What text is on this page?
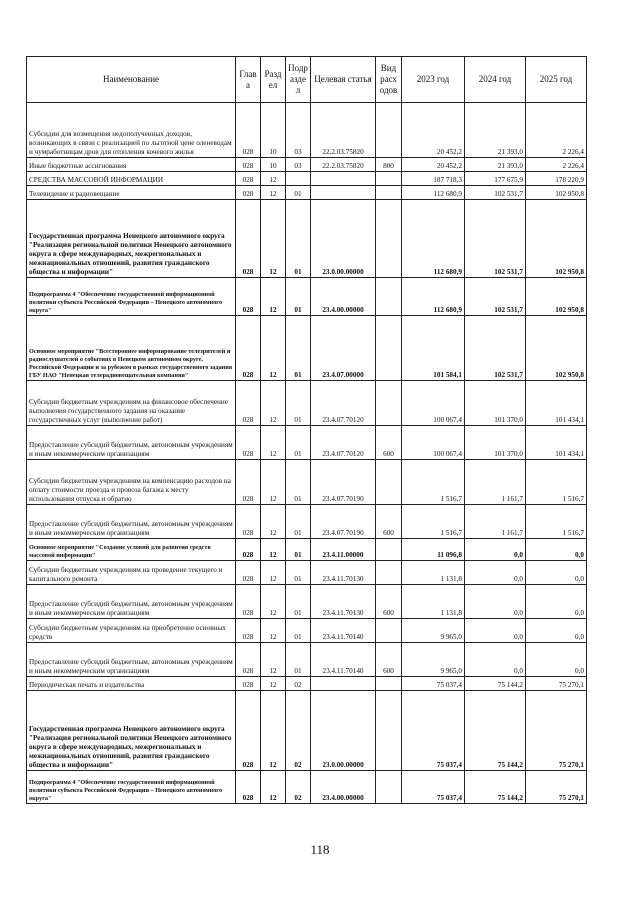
Наименование	Глав а	Разд ел	Подр азде л	Целевая статья	Вид расх одов	2023 год	2024 год	2025 год
Субсидии для возмещения недополученных доходов, возникающих в связи с реализацией по льготной цене оленеводам и чумработницам дров для отопления кочевого жилья	028	10	03	22.2.03.75820		20 452,2	21 393,0	2 226,4
Иные бюджетные ассигнования	028	10	03	22.2.03.75820	800	20 452,2	21 393,0	2 226,4
СРЕДСТВА МАССОВОЙ ИНФОРМАЦИИ	028	12				187 718,3	177 675,9	178 220,9
Телевидение и радиовещание	028	12	01			112 680,9	102 531,7	102 950,8
Государственная программа Ненецкого автономного округа "Реализация региональной политики Ненецкого автономного округа в сфере международных, межрегиональных и межнациональных отношений, развития гражданского общества и информации"	028	12	01	23.0.00.00000		112 680,9	102 531,7	102 950,8
Подпрограмма 4 "Обеспечение государственной информационной политики субъекта Российской Федерации – Ненецкого автономного округа"	028	12	01	23.4.00.00000		112 680,9	102 531,7	102 950,8
Основное мероприятие "Всестороннее информирование телезрителей и радиослушателей о событиях в Ненецком автономном округе, Российской Федерации и за рубежом в рамках государственного задания ГБУ НАО "Ненецкая телерадиовещательная компания"	028	12	01	23.4.07.00000		101 584,1	102 531,7	102 950,8
Субсидии бюджетным учреждениям на финансовое обеспечение выполнения государственного задания на оказание государственных услуг (выполнение работ)	028	12	01	23.4.07.70120		100 067,4	101 370,0	101 434,1
Предоставление субсидий бюджетным, автономным учреждениям и иным некоммерческим организациям	028	12	01	23.4.07.70120	600	100 067,4	101 370,0	101 434,1
Субсидии бюджетным учреждениям на компенсацию расходов на оплату стоимости проезда и провоза багажа к месту использования отпуска и обратно	028	12	01	23.4.07.70190		1 516,7	1 161,7	1 516,7
Предоставление субсидий бюджетным, автономным учреждениям и иным некоммерческим организациям	028	12	01	23.4.07.70190	600	1 516,7	1 161,7	1 516,7
Основное мероприятие "Создание условий для развития средств массовой информации"	028	12	01	23.4.11.00000		11 096,8	0,0	0,0
Субсидии бюджетным учреждениям на проведение текущего и капитального ремонта	028	12	01	23.4.11.70130		1 131,8	0,0	0,0
Предоставление субсидий бюджетным, автономным учреждениям и иным некоммерческим организациям	028	12	01	23.4.11.70130	600	1 131,8	0,0	0,0
Субсидии бюджетным учреждениям на приобретение основных средств	028	12	01	23.4.11.70140		9 965,0	0,0	0,0
Предоставление субсидий бюджетным, автономным учреждениям и иным некоммерческим организациям	028	12	01	23.4.11.70140	600	9 965,0	0,0	0,0
Периодическая печать и издательства	028	12	02			75 037,4	75 144,2	75 270,1
Государственная программа Ненецкого автономного округа "Реализация региональной политики Ненецкого автономного округа в сфере международных, межрегиональных и межнациональных отношений, развития гражданского общества и информации"	028	12	02	23.0.00.00000		75 037,4	75 144,2	75 270,1
Подпрограмма 4 "Обеспечение государственной информационной политики субъекта Российской Федерации – Ненецкого автономного округа"	028	12	02	23.4.00.00000		75 037,4	75 144,2	75 270,1
118
